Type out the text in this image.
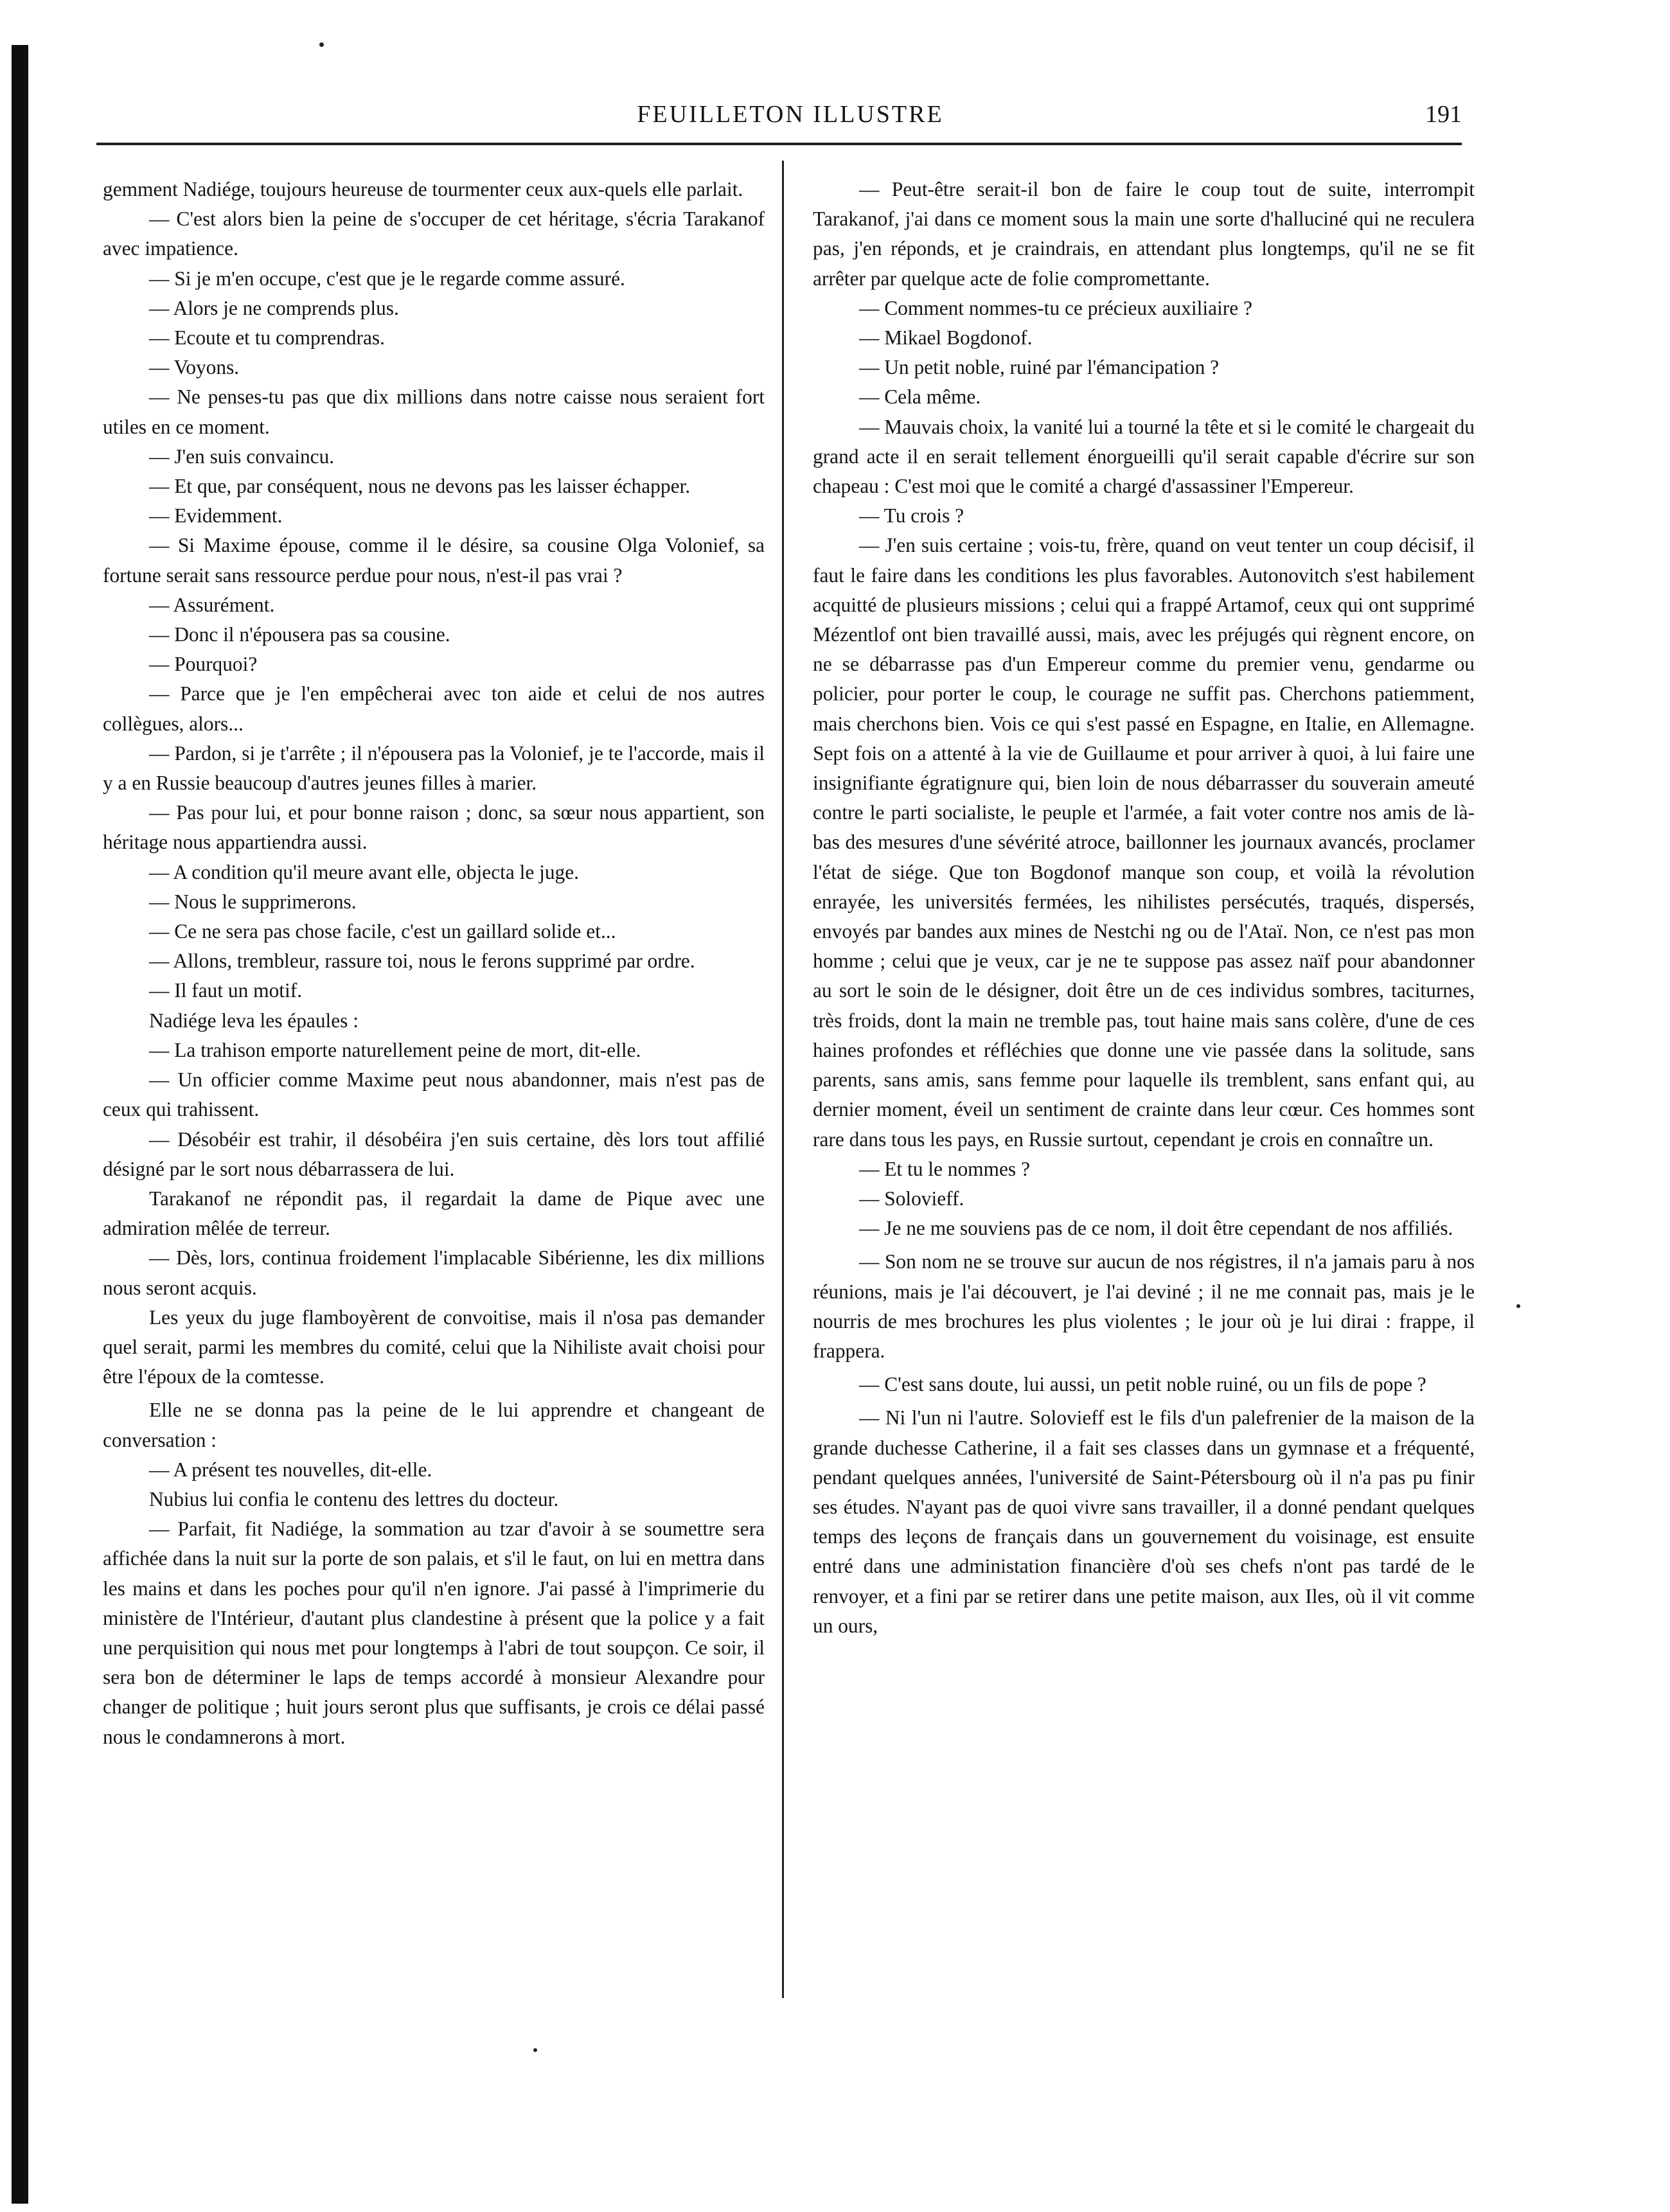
FEUILLETON ILLUSTRE	191

gemment Nadiége, toujours heureuse de tourmenter ceux aux-quels elle parlait.

— C'est alors bien la peine de s'occuper de cet héritage, s'écria Tarakanof avec impatience.

— Si je m'en occupe, c'est que je le regarde comme assuré.

— Alors je ne comprends plus.

— Ecoute et tu comprendras.

— Voyons.

— Ne penses-tu pas que dix millions dans notre caisse nous seraient fort utiles en ce moment.

— J'en suis convaincu.

— Et que, par conséquent, nous ne devons pas les laisser échapper.

— Evidemment.

— Si Maxime épouse, comme il le désire, sa cousine Olga Volonief, sa fortune serait sans ressource perdue pour nous, n'est-il pas vrai ?

— Assurément.

— Donc il n'épousera pas sa cousine.

— Pourquoi?

— Parce que je l'en empêcherai avec ton aide et celui de nos autres collègues, alors...

— Pardon, si je t'arrête ; il n'épousera pas la Volonief, je te l'accorde, mais il y a en Russie beaucoup d'autres jeunes filles à marier.

— Pas pour lui, et pour bonne raison ; donc, sa sœur nous appartient, son héritage nous appartiendra aussi.

— A condition qu'il meure avant elle, objecta le juge.

— Nous le supprimerons.

— Ce ne sera pas chose facile, c'est un gaillard solide et...

— Allons, trembleur, rassure toi, nous le ferons supprimé par ordre.

— Il faut un motif.

Nadiége leva les épaules :

— La trahison emporte naturellement peine de mort, dit-elle.

— Un officier comme Maxime peut nous abandonner, mais n'est pas de ceux qui trahissent.

— Désobéir est trahir, il désobéira j'en suis certaine, dès lors tout affilié désigné par le sort nous débarrassera de lui.

Tarakanof ne répondit pas, il regardait la dame de Pique avec une admiration mêlée de terreur.

— Dès, lors, continua froidement l'implacable Sibérienne, les dix millions nous seront acquis.

Les yeux du juge flamboyèrent de convoitise, mais il n'osa pas demander quel serait, parmi les membres du comité, celui que la Nihiliste avait choisi pour être l'époux de la comtesse.

Elle ne se donna pas la peine de le lui apprendre et changeant de conversation :

— A présent tes nouvelles, dit-elle.

Nubius lui confia le contenu des lettres du docteur.

— Parfait, fit Nadiége, la sommation au tzar d'avoir à se soumettre sera affichée dans la nuit sur la porte de son palais, et s'il le faut, on lui en mettra dans les mains et dans les poches pour qu'il n'en ignore. J'ai passé à l'imprimerie du ministère de l'Intérieur, d'autant plus clandestine à présent que la police y a fait une perquisition qui nous met pour longtemps à l'abri de tout soupçon. Ce soir, il sera bon de déterminer le laps de temps accordé à monsieur Alexandre pour changer de politique ; huit jours seront plus que suffisants, je crois ce délai passé nous le condamnerons à mort.

— Peut-être serait-il bon de faire le coup tout de suite, interrompit Tarakanof, j'ai dans ce moment sous la main une sorte d'halluciné qui ne reculera pas, j'en réponds, et je craindrais, en attendant plus longtemps, qu'il ne se fit arrêter par quelque acte de folie compromettante.

— Comment nommes-tu ce précieux auxiliaire ?

— Mikael Bogdonof.

— Un petit noble, ruiné par l'émancipation ?

— Cela même.

— Mauvais choix, la vanité lui a tourné la tête et si le comité le chargeait du grand acte il en serait tellement énorgueilli qu'il serait capable d'écrire sur son chapeau : C'est moi que le comité a chargé d'assassiner l'Empereur.

— Tu crois ?

— J'en suis certaine ; vois-tu, frère, quand on veut tenter un coup décisif, il faut le faire dans les conditions les plus favorables. Autonovitch s'est habilement acquitté de plusieurs missions ; celui qui a frappé Artamof, ceux qui ont supprimé Mézentlof ont bien travaillé aussi, mais, avec les préjugés qui règnent encore, on ne se débarrasse pas d'un Empereur comme du premier venu, gendarme ou policier, pour porter le coup, le courage ne suffit pas. Cherchons patiemment, mais cherchons bien. Vois ce qui s'est passé en Espagne, en Italie, en Allemagne. Sept fois on a attenté à la vie de Guillaume et pour arriver à quoi, à lui faire une insignifiante égratignure qui, bien loin de nous débarrasser du souverain ameuté contre le parti socialiste, le peuple et l'armée, a fait voter contre nos amis de là-bas des mesures d'une sévérité atroce, baillonner les journaux avancés, proclamer l'état de siége. Que ton Bogdonof manque son coup, et voilà la révolution enrayée, les universités fermées, les nihilistes persécutés, traqués, dispersés, envoyés par bandes aux mines de Nestchi ng ou de l'Ataï. Non, ce n'est pas mon homme ; celui que je veux, car je ne te suppose pas assez naïf pour abandonner au sort le soin de le désigner, doit être un de ces individus sombres, taciturnes, très froids, dont la main ne tremble pas, tout haine mais sans colère, d'une de ces haines profondes et réfléchies que donne une vie passée dans la solitude, sans parents, sans amis, sans femme pour laquelle ils tremblent, sans enfant qui, au dernier moment, éveil un sentiment de crainte dans leur cœur. Ces hommes sont rare dans tous les pays, en Russie surtout, cependant je crois en connaître un.

— Et tu le nommes ?

— Solovieff.

— Je ne me souviens pas de ce nom, il doit être cependant de nos affiliés.

— Son nom ne se trouve sur aucun de nos régistres, il n'a jamais paru à nos réunions, mais je l'ai découvert, je l'ai deviné ; il ne me connait pas, mais je le nourris de mes brochures les plus violentes ; le jour où je lui dirai : frappe, il frappera.

— C'est sans doute, lui aussi, un petit noble ruiné, ou un fils de pope ?

— Ni l'un ni l'autre. Solovieff est le fils d'un palefrenier de la maison de la grande duchesse Catherine, il a fait ses classes dans un gymnase et a fréquenté, pendant quelques années, l'université de Saint-Pétersbourg où il n'a pas pu finir ses études. N'ayant pas de quoi vivre sans travailler, il a donné pendant quelques temps des leçons de français dans un gouvernement du voisinage, est ensuite entré dans une administation financière d'où ses chefs n'ont pas tardé de le renvoyer, et a fini par se retirer dans une petite maison, aux Iles, où il vit comme un ours,
